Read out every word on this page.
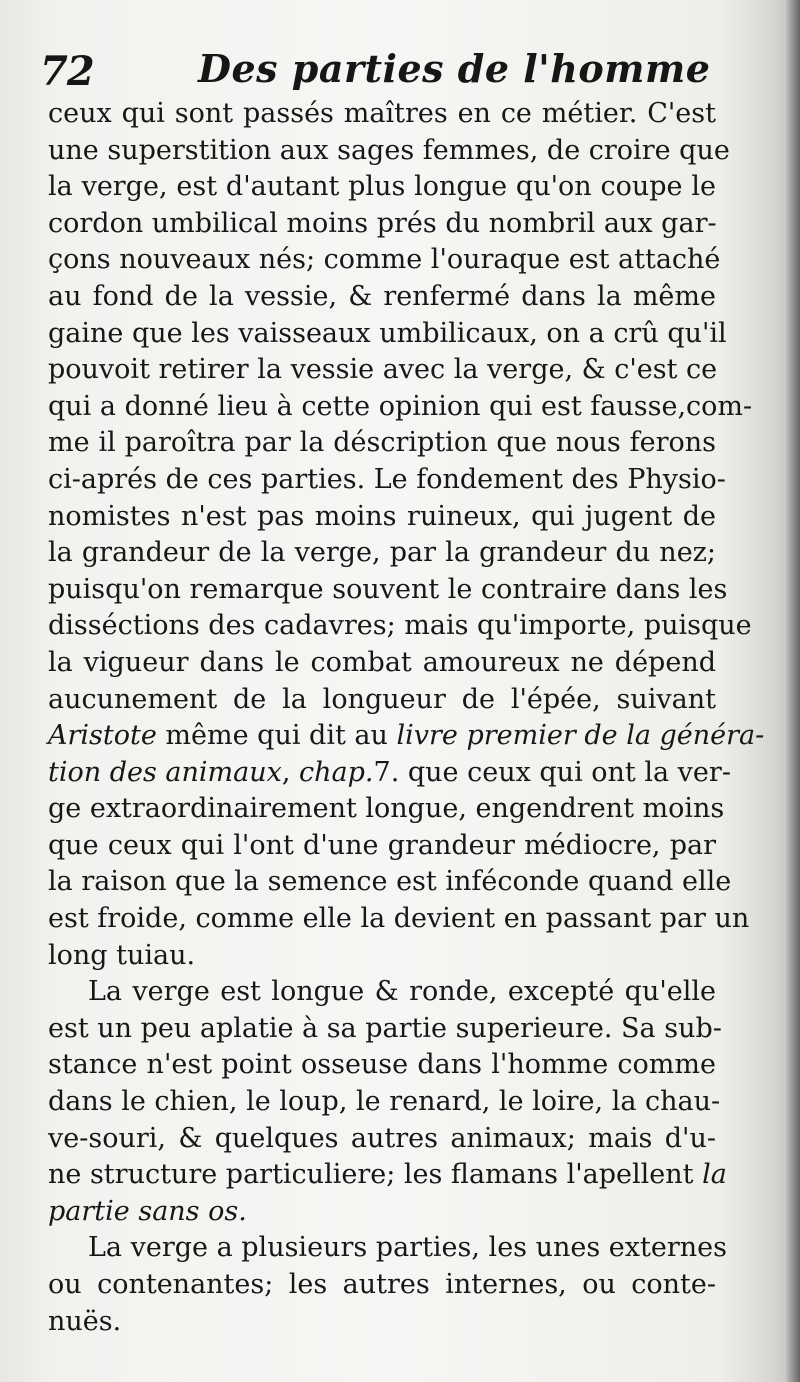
72	Des parties de l'homme
ceux qui sont passés maîtres en ce métier. C'est
une superstition aux sages femmes, de croire que
la verge, est d'autant plus longue qu'on coupe le
cordon umbilical moins prés du nombril aux gar-
çons nouveaux nés; comme l'ouraque est attaché
au fond de la vessie, & renfermé dans la même
gaine que les vaisseaux umbilicaux, on a crû qu'il
pouvoit retirer la vessie avec la verge, & c'est ce
qui a donné lieu à cette opinion qui est fausse,com-
me il paroîtra par la déscription que nous ferons
ci-aprés de ces parties. Le fondement des Physio-
nomistes n'est pas moins ruineux, qui jugent de
la grandeur de la verge, par la grandeur du nez;
puisqu'on remarque souvent le contraire dans les
disséctions des cadavres; mais qu'importe, puisque
la vigueur dans le combat amoureux ne dépend
aucunement de la longueur de l'épée, suivant
Aristote même qui dit au livre premier de la généra-
tion des animaux, chap.7. que ceux qui ont la ver-
ge extraordinairement longue, engendrent moins
que ceux qui l'ont d'une grandeur médiocre, par
la raison que la semence est inféconde quand elle
est froide, comme elle la devient en passant par un
long tuiau.
La verge est longue & ronde, excepté qu'elle
est un peu aplatie à sa partie superieure. Sa sub-
stance n'est point osseuse dans l'homme comme
dans le chien, le loup, le renard, le loire, la chau-
ve-souri, & quelques autres animaux; mais d'u-
ne structure particuliere; les flamans l'apellent la
partie sans os.
La verge a plusieurs parties, les unes externes
ou contenantes; les autres internes, ou conte-
nuës.
